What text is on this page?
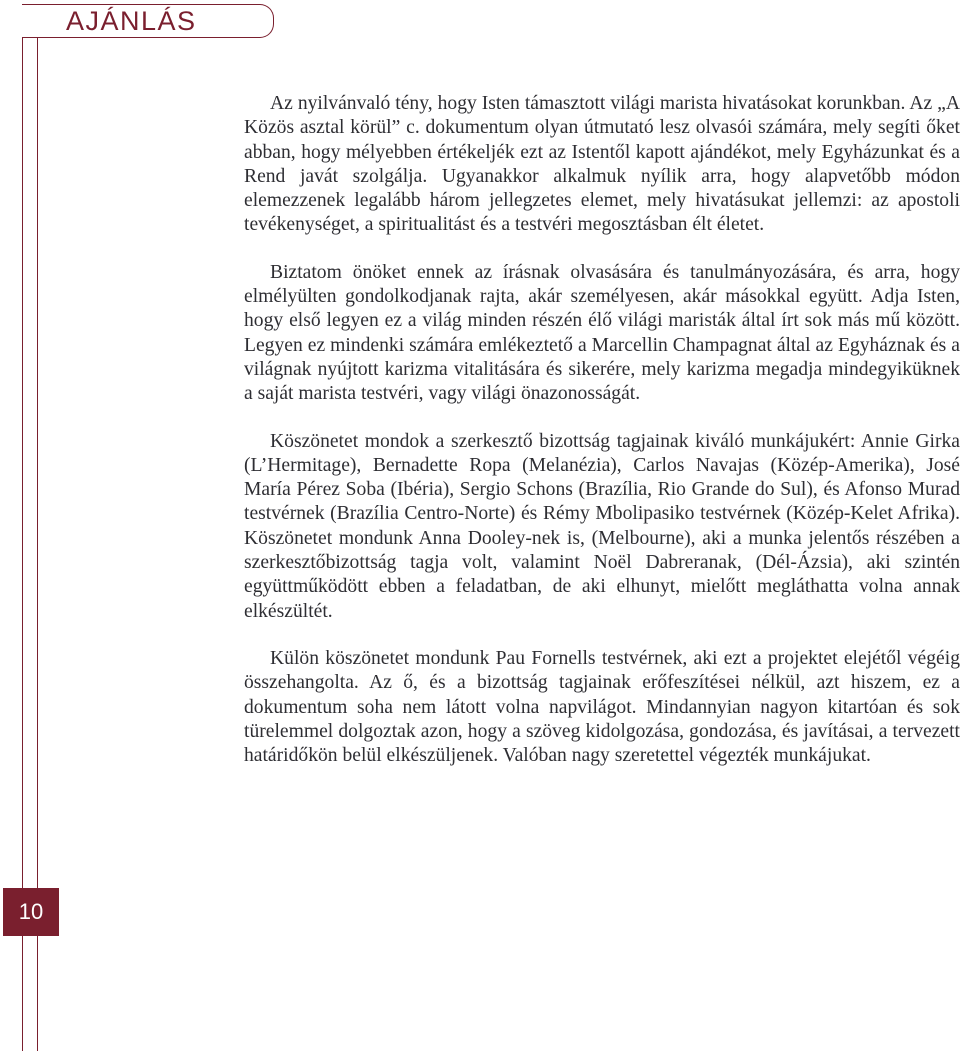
AJÁNLÁS

Az nyilvánvaló tény, hogy Isten támasztott világi marista hivatásokat korunkban. Az „A Közös asztal körül” c. dokumentum olyan útmutató lesz olvasói számára, mely segíti őket abban, hogy mélyebben értékeljék ezt az Istentől kapott ajándékot, mely Egyházunkat és a Rend javát szolgálja. Ugyanakkor alkalmuk nyílik arra, hogy alapvetőbb módon elemezzenek legalább három jellegzetes elemet, mely hivatásukat jellemzi: az apostoli tevékenységet, a spiritualitást és a testvéri megosztásban élt életet.

Biztatom önöket ennek az írásnak olvasására és tanulmányozására, és arra, hogy elmélyülten gondolkodjanak rajta, akár személyesen, akár másokkal együtt. Adja Isten, hogy első legyen ez a világ minden részén élő világi maristák által írt sok más mű között. Legyen ez mindenki számára emlékeztető a Marcellin Champagnat által az Egyháznak és a világnak nyújtott karizma vitalitására és sikerére, mely karizma megadja mindegyiküknek a saját marista testvéri, vagy világi önazonosságát.

Köszönetet mondok a szerkesztő bizottság tagjainak kiváló munkájukért: Annie Girka (L’Hermitage), Bernadette Ropa (Melanézia), Carlos Navajas (Közép-Amerika), José María Pérez Soba (Ibéria), Sergio Schons (Brazília, Rio Grande do Sul), és Afonso Murad testvérnek (Brazília Centro-Norte) és Rémy Mbolipasiko testvérnek (Közép-Kelet Afrika). Köszönetet mondunk Anna Dooley-nek is, (Melbourne), aki a munka jelentős részében a szerkesztőbizottság tagja volt, valamint Noël Dabreranak, (Dél-Ázsia), aki szintén együttműködött ebben a feladatban, de aki elhunyt, mielőtt megláthatta volna annak elkészültét.

Külön köszönetet mondunk Pau Fornells testvérnek, aki ezt a projektet elejétől végéig összehangolta. Az ő, és a bizottság tagjainak erőfeszítései nélkül, azt hiszem, ez a dokumentum soha nem látott volna napvilágot. Mindannyian nagyon kitartóan és sok türelemmel dolgoztak azon, hogy a szöveg kidolgozása, gondozása, és javításai, a tervezett határidőkön belül elkészüljenek. Valóban nagy szeretettel végezték munkájukat.

10
